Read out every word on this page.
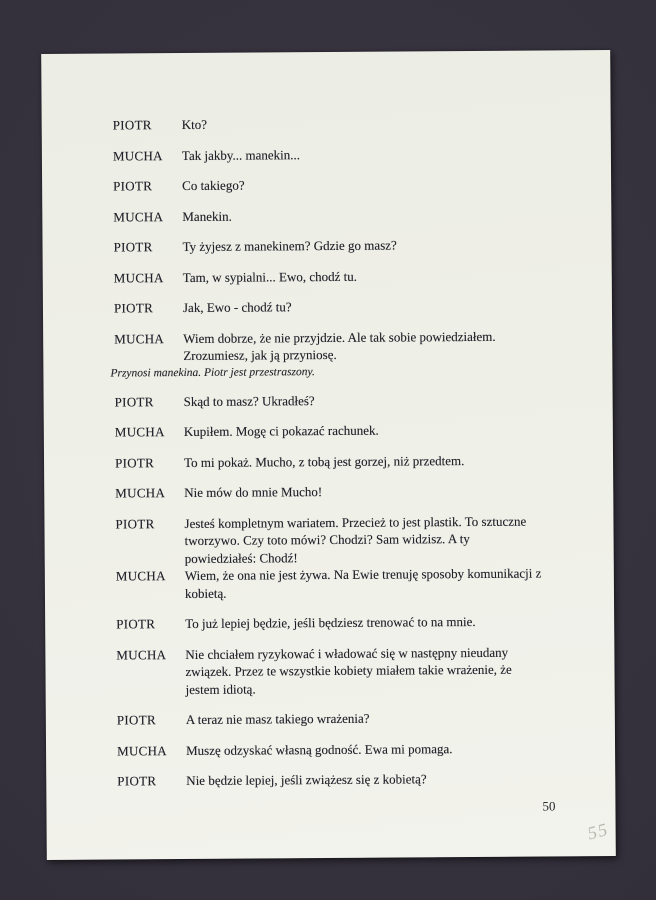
PIOTR	Kto?
MUCHA	Tak jakby... manekin...
PIOTR	Co takiego?
MUCHA	Manekin.
PIOTR	Ty żyjesz z manekinem? Gdzie go masz?
MUCHA	Tam, w sypialni... Ewo, chodź tu.
PIOTR	Jak, Ewo - chodź tu?
MUCHA	Wiem dobrze, że nie przyjdzie. Ale tak sobie powiedziałem.
Zrozumiesz, jak ją przyniosę.
Przynosi manekina. Piotr jest przestraszony.
PIOTR	Skąd to masz? Ukradłeś?
MUCHA	Kupiłem. Mogę ci pokazać rachunek.
PIOTR	To mi pokaż. Mucho, z tobą jest gorzej, niż przedtem.
MUCHA	Nie mów do mnie Mucho!
PIOTR	Jesteś kompletnym wariatem. Przecież to jest plastik. To sztuczne
tworzywo. Czy toto mówi? Chodzi? Sam widzisz. A ty
powiedziałeś: Chodź!
MUCHA	Wiem, że ona nie jest żywa. Na Ewie trenuję sposoby komunikacji z
kobietą.
PIOTR	To już lepiej będzie, jeśli będziesz trenować to na mnie.
MUCHA	Nie chciałem ryzykować i władować się w następny nieudany
związek. Przez te wszystkie kobiety miałem takie wrażenie, że
jestem idiotą.
PIOTR	A teraz nie masz takiego wrażenia?
MUCHA	Muszę odzyskać własną godność. Ewa mi pomaga.
PIOTR	Nie będzie lepiej, jeśli zwiążesz się z kobietą?
50
55
